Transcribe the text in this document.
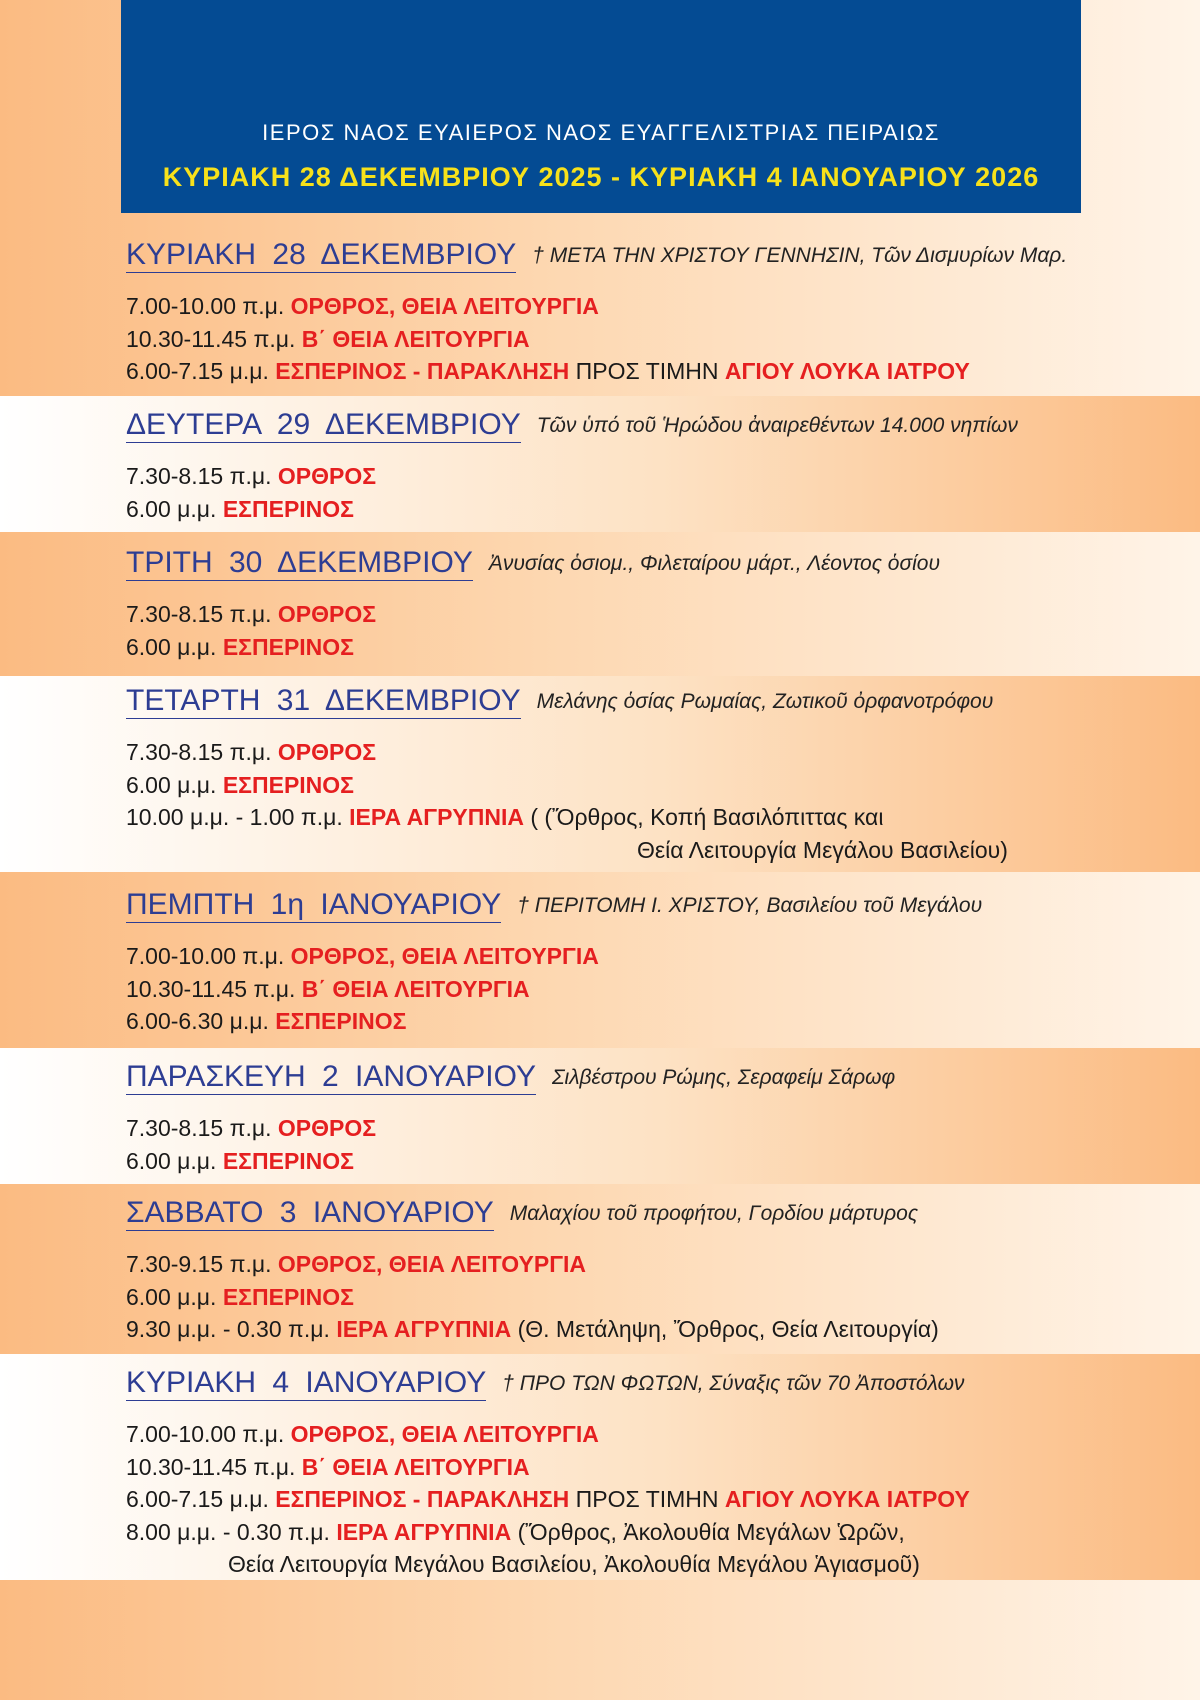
ΙΕΡΟΣ ΝΑΟΣ ΕΥΑΙΕΡΟΣ ΝΑΟΣ ΕΥΑΓΓΕΛΙΣΤΡΙΑΣ ΠΕΙΡΑΙΩΣ
ΚΥΡΙΑΚΗ 28 ΔΕΚΕΜΒΡΙΟΥ 2025 - ΚΥΡΙΑΚΗ 4 ΙΑΝΟΥΑΡΙΟΥ 2026
ΚΥΡΙΑΚΗ 28 ΔΕΚΕΜΒΡΙΟΥ † ΜΕΤΑ ΤΗΝ ΧΡΙΣΤΟΥ ΓΕΝΝΗΣΙΝ, Τῶν Δισμυρίων Μαρ.
7.00-10.00 π.μ. ΟΡΘΡΟΣ, ΘΕΙΑ ΛΕΙΤΟΥΡΓΙΑ
10.30-11.45 π.μ. Β΄ ΘΕΙΑ ΛΕΙΤΟΥΡΓΙΑ
6.00-7.15 μ.μ. ΕΣΠΕΡΙΝΟΣ - ΠΑΡΑΚΛΗΣΗ ΠΡΟΣ ΤΙΜΗΝ ΑΓΙΟΥ ΛΟΥΚΑ ΙΑΤΡΟΥ
ΔΕΥΤΕΡΑ 29 ΔΕΚΕΜΒΡΙΟΥ Τῶν ὑπό τοῦ Ἡρώδου ἀναιρεθέντων 14.000 νηπίων
7.30-8.15 π.μ. ΟΡΘΡΟΣ
6.00 μ.μ. ΕΣΠΕΡΙΝΟΣ
ΤΡΙΤΗ 30 ΔΕΚΕΜΒΡΙΟΥ Ἀνυσίας ὁσιομ., Φιλεταίρου μάρτ., Λέοντος ὁσίου
7.30-8.15 π.μ. ΟΡΘΡΟΣ
6.00 μ.μ. ΕΣΠΕΡΙΝΟΣ
ΤΕΤΑΡΤΗ 31 ΔΕΚΕΜΒΡΙΟΥ Μελάνης ὁσίας Ρωμαίας, Ζωτικοῦ ὀρφανοτρόφου
7.30-8.15 π.μ. ΟΡΘΡΟΣ
6.00 μ.μ. ΕΣΠΕΡΙΝΟΣ
10.00 μ.μ. - 1.00 π.μ. ΙΕΡΑ ΑΓΡΥΠΝΙΑ ( (Ὄρθρος, Κοπή Βασιλόπιττας και
Θεία Λειτουργία Μεγάλου Βασιλείου)
ΠΕΜΠΤΗ 1η ΙΑΝΟΥΑΡΙΟΥ † ΠΕΡΙΤΟΜΗ Ι. ΧΡΙΣΤΟΥ, Βασιλείου τοῦ Μεγάλου
7.00-10.00 π.μ. ΟΡΘΡΟΣ, ΘΕΙΑ ΛΕΙΤΟΥΡΓΙΑ
10.30-11.45 π.μ. Β΄ ΘΕΙΑ ΛΕΙΤΟΥΡΓΙΑ
6.00-6.30 μ.μ. ΕΣΠΕΡΙΝΟΣ
ΠΑΡΑΣΚΕΥΗ 2 ΙΑΝΟΥΑΡΙΟΥ Σιλβέστρου Ρώμης, Σεραφείμ Σάρωφ
7.30-8.15 π.μ. ΟΡΘΡΟΣ
6.00 μ.μ. ΕΣΠΕΡΙΝΟΣ
ΣΑΒΒΑΤΟ 3 ΙΑΝΟΥΑΡΙΟΥ Μαλαχίου τοῦ προφήτου, Γορδίου μάρτυρος
7.30-9.15 π.μ. ΟΡΘΡΟΣ, ΘΕΙΑ ΛΕΙΤΟΥΡΓΙΑ
6.00 μ.μ. ΕΣΠΕΡΙΝΟΣ
9.30 μ.μ. - 0.30 π.μ. ΙΕΡΑ ΑΓΡΥΠΝΙΑ (Θ. Μετάληψη, Ὄρθρος, Θεία Λειτουργία)
ΚΥΡΙΑΚΗ 4 ΙΑΝΟΥΑΡΙΟΥ † ΠΡΟ ΤΩΝ ΦΩΤΩΝ, Σύναξις τῶν 70 Ἀποστόλων
7.00-10.00 π.μ. ΟΡΘΡΟΣ, ΘΕΙΑ ΛΕΙΤΟΥΡΓΙΑ
10.30-11.45 π.μ. Β΄ ΘΕΙΑ ΛΕΙΤΟΥΡΓΙΑ
6.00-7.15 μ.μ. ΕΣΠΕΡΙΝΟΣ - ΠΑΡΑΚΛΗΣΗ ΠΡΟΣ ΤΙΜΗΝ ΑΓΙΟΥ ΛΟΥΚΑ ΙΑΤΡΟΥ
8.00 μ.μ. - 0.30 π.μ. ΙΕΡΑ ΑΓΡΥΠΝΙΑ (Ὄρθρος, Ἀκολουθία Μεγάλων Ὡρῶν,
Θεία Λειτουργία Μεγάλου Βασιλείου, Ἀκολουθία Μεγάλου Ἁγιασμοῦ)
